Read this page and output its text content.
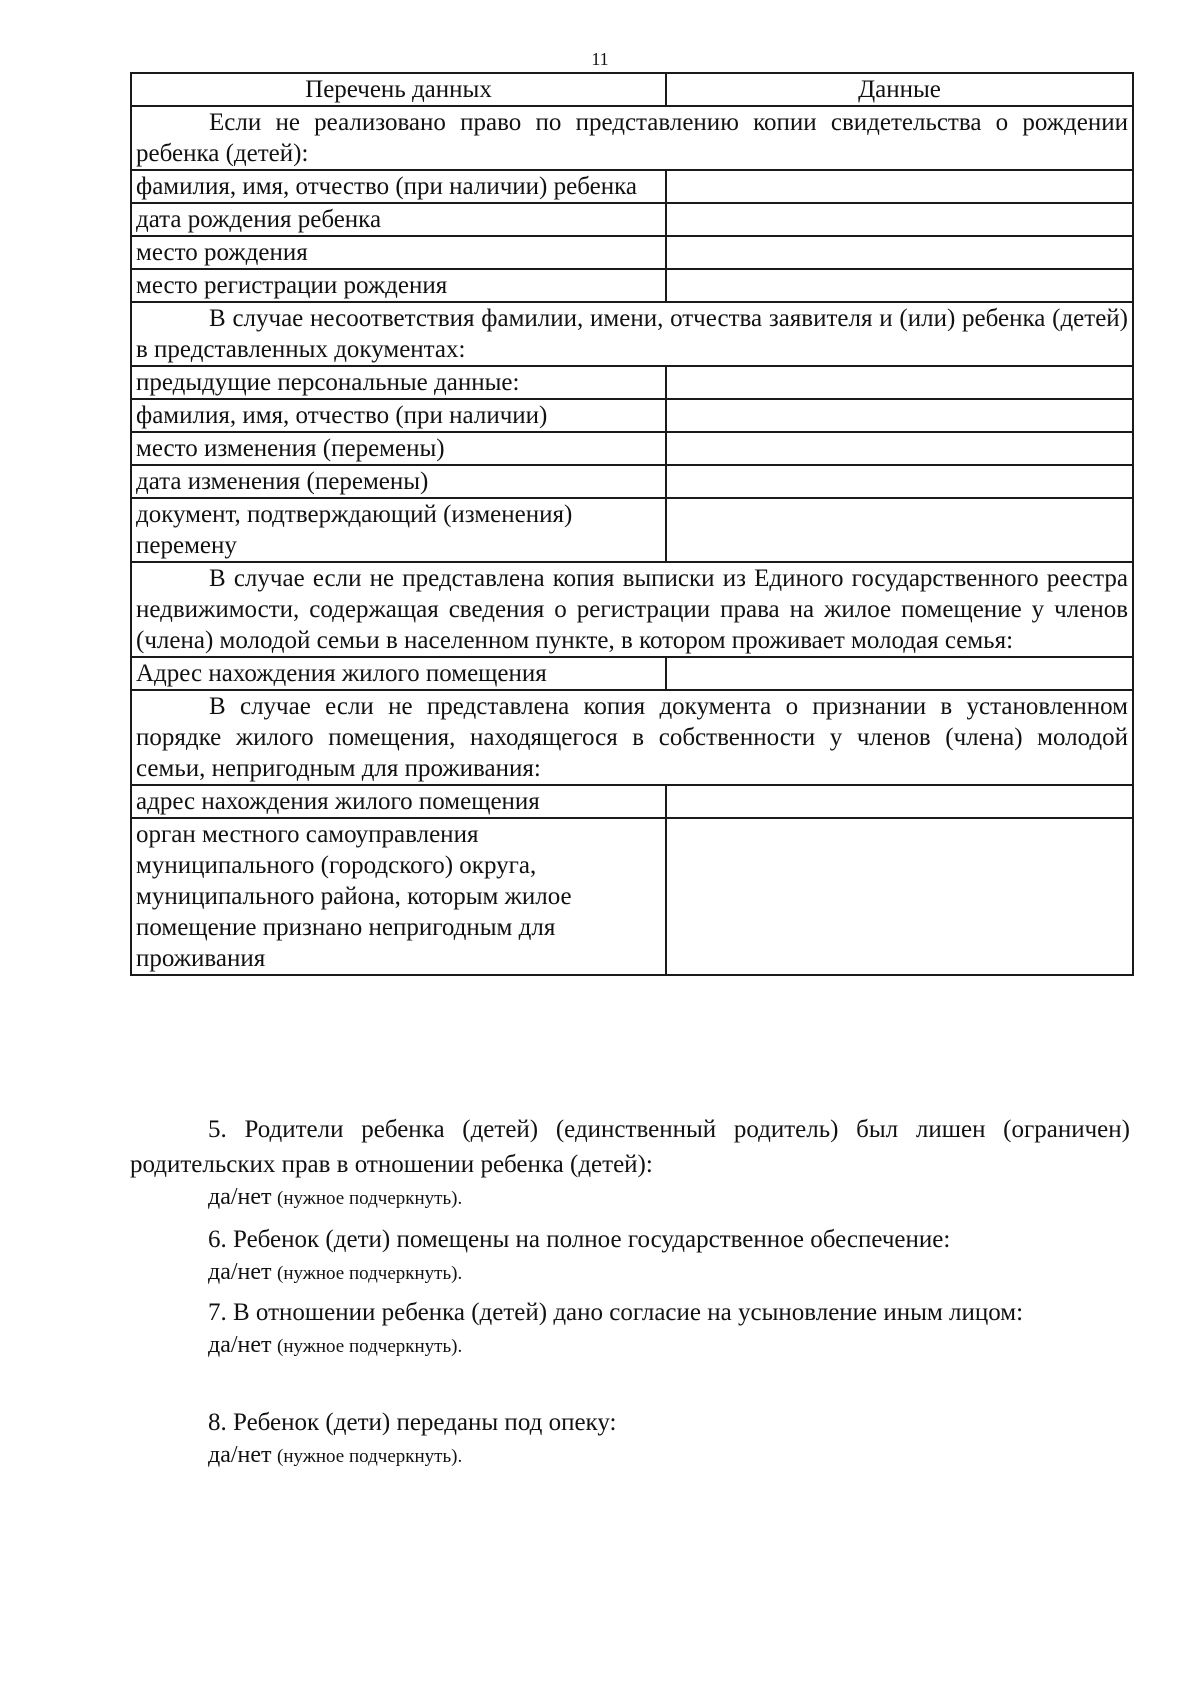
11
Перечень данных	Данные
Если не реализовано право по представлению копии свидетельства о рождении ребенка (детей):	
фамилия, имя, отчество (при наличии) ребенка	
дата рождения ребенка	
место рождения	
место регистрации рождения	
В случае несоответствия фамилии, имени, отчества заявителя и (или) ребенка (детей) в представленных документах:	
предыдущие персональные данные:	
фамилия, имя, отчество (при наличии)	
место изменения (перемены)	
дата изменения (перемены)	
документ, подтверждающий (изменения) перемену	
В случае если не представлена копия выписки из Единого государственного реестра недвижимости, содержащая сведения о регистрации права на жилое помещение у членов (члена) молодой семьи в населенном пункте, в котором проживает молодая семья:	
Адрес нахождения жилого помещения	
В случае если не представлена копия документа о признании в установленном порядке жилого помещения, находящегося в собственности у членов (члена) молодой семьи, непригодным для проживания:	
адрес нахождения жилого помещения	
орган местного самоуправления муниципального (городского) округа, муниципального района, которым жилое помещение признано непригодным для проживания	

5. Родители ребенка (детей) (единственный родитель) был лишен (ограничен) родительских прав в отношении ребенка (детей):

да/нет (нужное подчеркнуть).

6. Ребенок (дети) помещены на полное государственное обеспечение:

да/нет (нужное подчеркнуть).

7. В отношении ребенка (детей) дано согласие на усыновление иным лицом:

да/нет (нужное подчеркнуть).

8. Ребенок (дети) переданы под опеку:

да/нет (нужное подчеркнуть).
